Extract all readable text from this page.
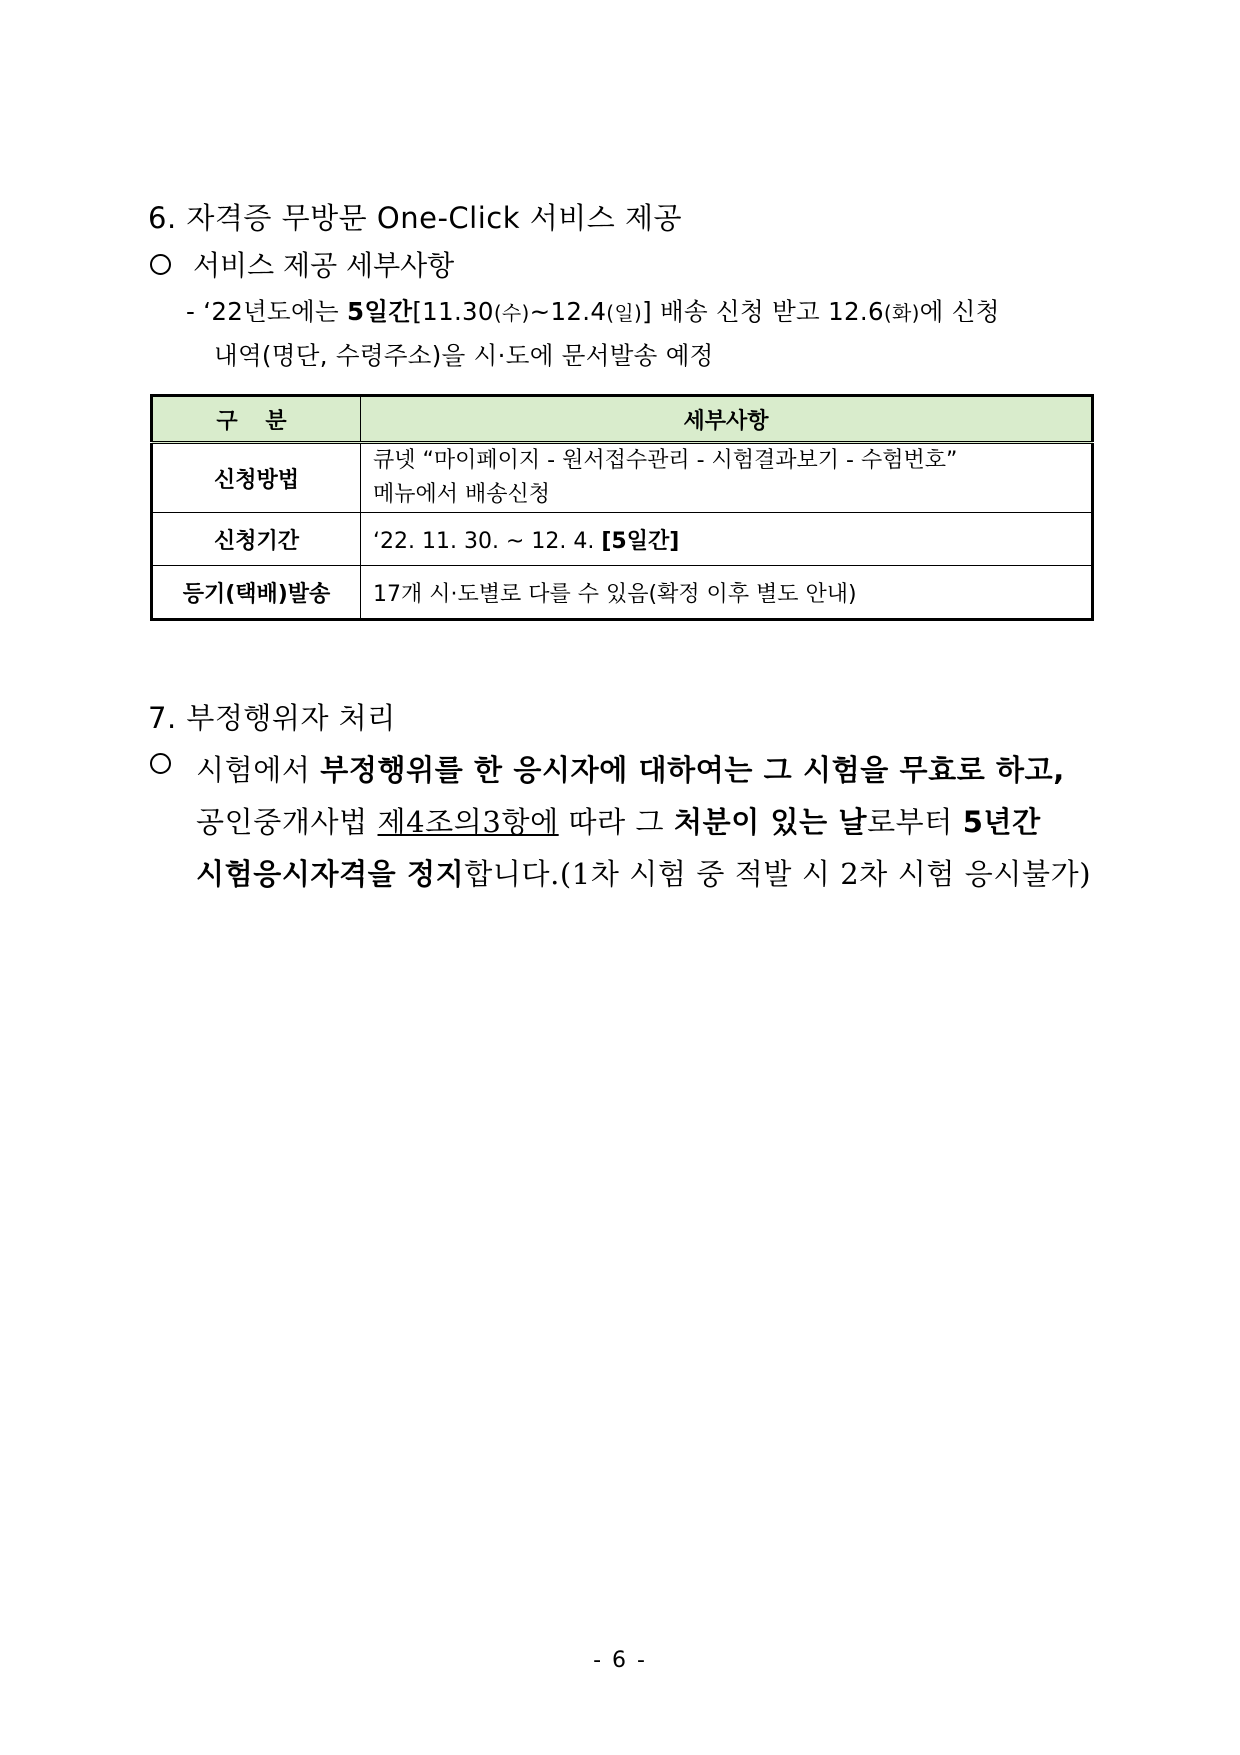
6. 자격증 무방문 One-Click 서비스 제공
서비스 제공 세부사항
- ‘22년도에는 5일간[11.30(수)~12.4(일)] 배송 신청 받고 12.6(화)에 신청
내역(명단, 수령주소)을 시·도에 문서발송 예정
구 분	세부사항
신청방법	큐넷 “마이페이지 - 원서접수관리 - 시험결과보기 - 수험번호”
메뉴에서 배송신청

신청기간	‘22. 11. 30. ~ 12. 4. [5일간]
등기(택배)발송	17개 시·도별로 다를 수 있음(확정 이후 별도 안내)
7. 부정행위자 처리
시험에서 부정행위를 한 응시자에 대하여는 그 시험을 무효로 하고,
공인중개사법 제4조의3항에 따라 그 처분이 있는 날로부터 5년간
시험응시자격을 정지합니다.(1차 시험 중 적발 시 2차 시험 응시불가)
- 6 -
